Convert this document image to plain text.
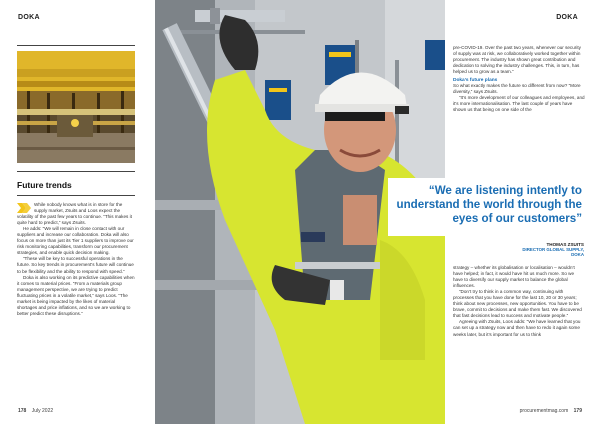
DOKA	DOKA
Future trends

While nobody knows what is in store for the supply market, Zsuits and Loos expect the volatility of the past few years to continue. “This makes it quite hard to predict,” says Zsuits.

He adds: “We will remain in close contact with our suppliers and increase our collaboration. Doka will also focus on more than just its Tier 1 suppliers to improve our risk monitoring capabilities, transform our procurement strategies, and enable quick decision making.

“These will be key to successful operations in the future. So key trends in procurement’s future will continue to be flexibility and the ability to respond with speed.”

Doka is also working on its predictive capabilities when it comes to material prices. “From a materials group management perspective, we are trying to predict fluctuating prices in a volatile market,” says Loos. “The market is being impacted by the likes of material shortages and price inflations, and so we are working to better predict these disruptions.”

pre-COVID-19. Over the past two years, whenever our security of supply was at risk, we collaboratively worked together within procurement. The industry has shown great contribution and dedication to solving the industry challenges. This, in turn, has helped us to grow as a team.”
Doka’s future plans
So what exactly makes the future so different from now? “More diversity,” says Zsuits.
“It’s more development of our colleagues and employees, and it’s more internationalisation. The last couple of years have shown us that being on one side of the
“We are listening intently to understand the world through the eyes of our customers”
THOMAS ZSUITS
DIRECTOR GLOBAL SUPPLY,
DOKA
strategy – whether its globalisation or localisation – wouldn’t have helped; in fact, it would have hit us much more. So we have to diversify our supply market to balance the global influences.
“Don’t try to think in a common way, continuing with processes that you have done for the last 10, 20 or 30 years; think about new processes, new opportunities. You have to be brave, commit to decisions and make them fast. We discovered that fast decisions lead to success and motivate people.”
Agreeing with Zsuits, Loos adds: “We have learned that you can set up a strategy now and then have to redo it again some weeks later, but it’s important for us to think
178 July 2022	procurementmag.com 179
